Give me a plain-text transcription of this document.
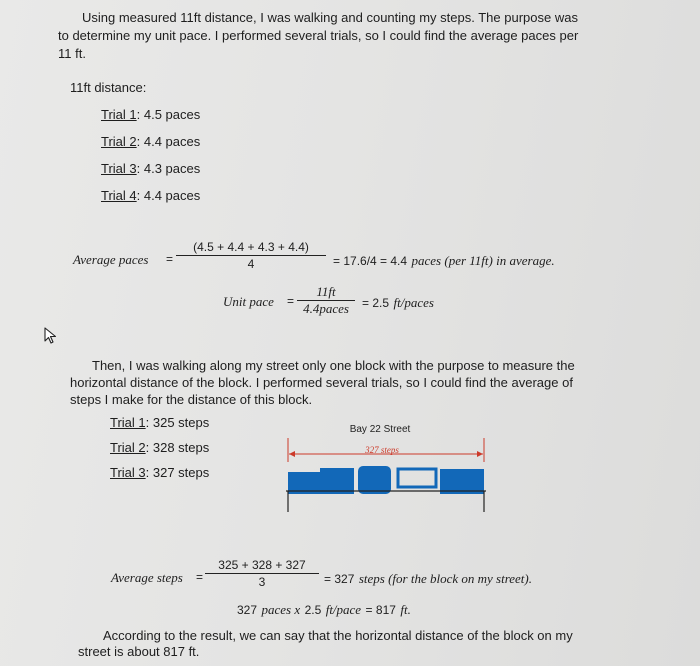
Using measured 11ft distance, I was walking and counting my steps. The purpose was
to determine my unit pace. I performed several trials, so I could find the average paces per
11 ft.
11ft distance:
Trial 1: 4.5 paces
Trial 2: 4.4 paces
Trial 3: 4.3 paces
Trial 4: 4.4 paces
Average paces = $\frac{(4.5 + 4.4 + 4.3 + 4.4)}{4} = 17.6/4 = 4.4$ paces (per 11ft) in average.
Unit pace =
11ft
4.4paces	= 2.5 ft/paces
Then, I was walking along my street only one block with the purpose to measure the
horizontal distance of the block. I performed several trials, so I could find the average of
steps I make for the distance of this block.
Trial 1: 325 steps
Trial 2: 328 steps
Trial 3: 327 steps
Bay 22 Street
327 steps
Average steps = $\frac{325 + 328 + 327}{3} = 327$ steps (for the block on my street).
327 paces x 2.5 ft/pace = 817 ft.
According to the result, we can say that the horizontal distance of the block on my
street is about 817 ft.
